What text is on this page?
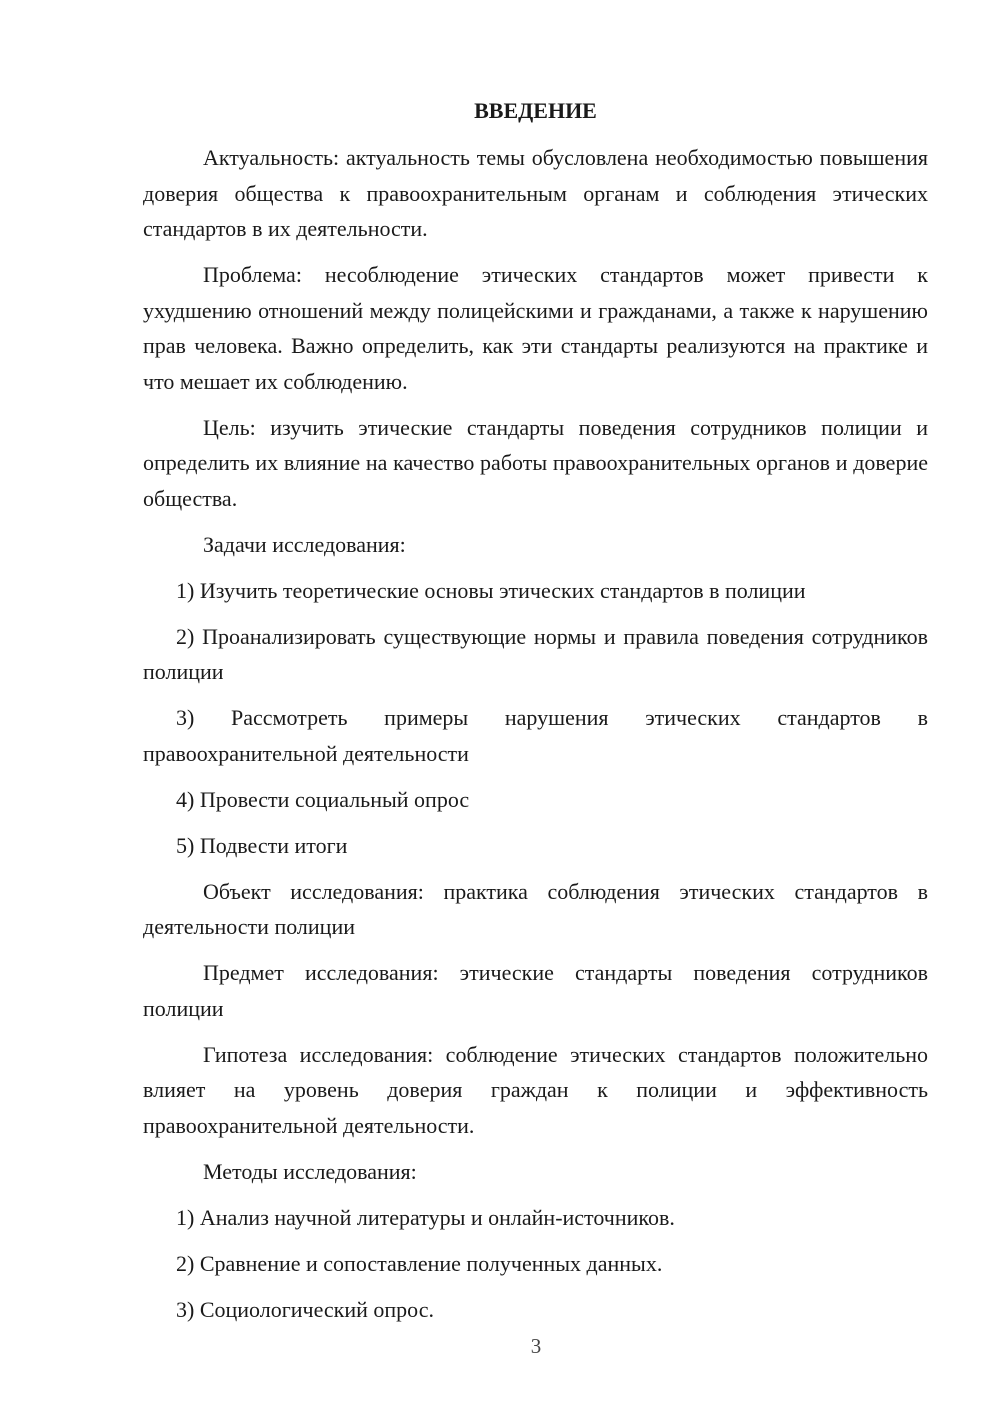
ВВЕДЕНИЕ

Актуальность: актуальность темы обусловлена необходимостью повышения доверия общества к правоохранительным органам и соблюдения этических стандартов в их деятельности.

Проблема: несоблюдение этических стандартов может привести к ухудшению отношений между полицейскими и гражданами, а также к нарушению прав человека. Важно определить, как эти стандарты реализуются на практике и что мешает их соблюдению.

Цель: изучить этические стандарты поведения сотрудников полиции и определить их влияние на качество работы правоохранительных органов и доверие общества.

Задачи исследования:

1) Изучить теоретические основы этических стандартов в полиции

2) Проанализировать существующие нормы и правила поведения сотрудников полиции

3) Рассмотреть примеры нарушения этических стандартов в правоохранительной деятельности

4) Провести социальный опрос

5) Подвести итоги

Объект исследования: практика соблюдения этических стандартов в деятельности полиции

Предмет исследования: этические стандарты поведения сотрудников полиции

Гипотеза исследования: соблюдение этических стандартов положительно влияет на уровень доверия граждан к полиции и эффективность правоохранительной деятельности.

Методы исследования:

1) Анализ научной литературы и онлайн-источников.

2) Сравнение и сопоставление полученных данных.

3) Социологический опрос.

3
